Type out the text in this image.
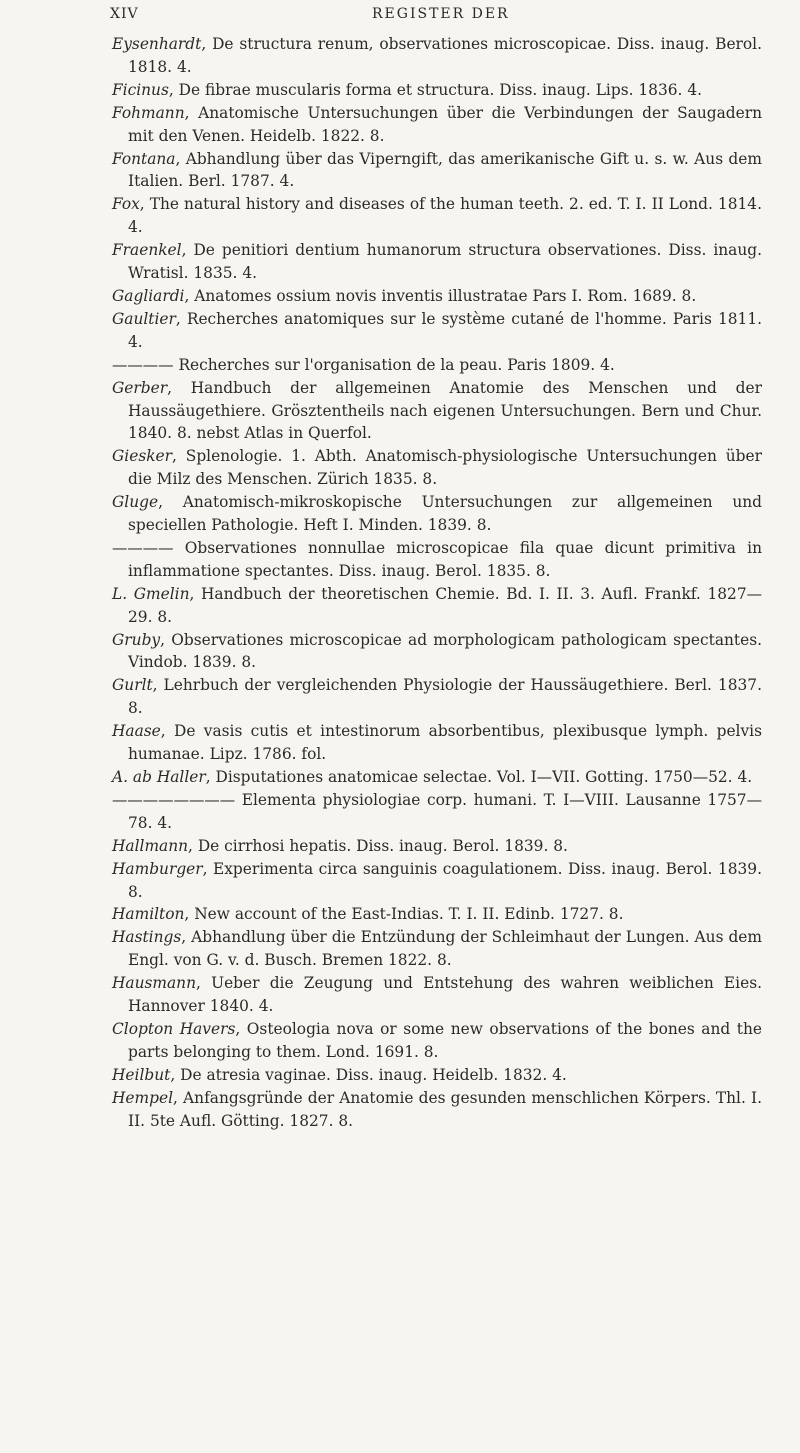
XIV	REGISTER DER
Eysenhardt, De structura renum, observationes microscopicae. Diss. inaug. Berol. 1818. 4.
Ficinus, De fibrae muscularis forma et structura. Diss. inaug. Lips. 1836. 4.
Fohmann, Anatomische Untersuchungen über die Verbindungen der Saugadern mit den Venen. Heidelb. 1822. 8.
Fontana, Abhandlung über das Viperngift, das amerikanische Gift u. s. w. Aus dem Italien. Berl. 1787. 4.
Fox, The natural history and diseases of the human teeth. 2. ed. T. I. II Lond. 1814. 4.
Fraenkel, De penitiori dentium humanorum structura observationes. Diss. inaug. Wratisl. 1835. 4.
Gagliardi, Anatomes ossium novis inventis illustratae Pars I. Rom. 1689. 8.
Gaultier, Recherches anatomiques sur le système cutané de l'homme. Paris 1811. 4.
———— Recherches sur l'organisation de la peau. Paris 1809. 4.
Gerber, Handbuch der allgemeinen Anatomie des Menschen und der Haussäugethiere. Grösztentheils nach eigenen Untersuchungen. Bern und Chur. 1840. 8. nebst Atlas in Querfol.
Giesker, Splenologie. 1. Abth. Anatomisch-physiologische Untersuchungen über die Milz des Menschen. Zürich 1835. 8.
Gluge, Anatomisch-mikroskopische Untersuchungen zur allgemeinen und speciellen Pathologie. Heft I. Minden. 1839. 8.
———— Observationes nonnullae microscopicae fila quae dicunt primitiva in inflammatione spectantes. Diss. inaug. Berol. 1835. 8.
L. Gmelin, Handbuch der theoretischen Chemie. Bd. I. II. 3. Aufl. Frankf. 1827—29. 8.
Gruby, Observationes microscopicae ad morphologicam pathologicam spectantes. Vindob. 1839. 8.
Gurlt, Lehrbuch der vergleichenden Physiologie der Haussäugethiere. Berl. 1837. 8.
Haase, De vasis cutis et intestinorum absorbentibus, plexibusque lymph. pelvis humanae. Lipz. 1786. fol.
A. ab Haller, Disputationes anatomicae selectae. Vol. I—VII. Gotting. 1750—52. 4.
———————— Elementa physiologiae corp. humani. T. I—VIII. Lausanne 1757—78. 4.
Hallmann, De cirrhosi hepatis. Diss. inaug. Berol. 1839. 8.
Hamburger, Experimenta circa sanguinis coagulationem. Diss. inaug. Berol. 1839. 8.
Hamilton, New account of the East-Indias. T. I. II. Edinb. 1727. 8.
Hastings, Abhandlung über die Entzündung der Schleimhaut der Lungen. Aus dem Engl. von G. v. d. Busch. Bremen 1822. 8.
Hausmann, Ueber die Zeugung und Entstehung des wahren weiblichen Eies. Hannover 1840. 4.
Clopton Havers, Osteologia nova or some new observations of the bones and the parts belonging to them. Lond. 1691. 8.
Heilbut, De atresia vaginae. Diss. inaug. Heidelb. 1832. 4.
Hempel, Anfangsgründe der Anatomie des gesunden menschlichen Körpers. Thl. I. II. 5te Aufl. Götting. 1827. 8.
